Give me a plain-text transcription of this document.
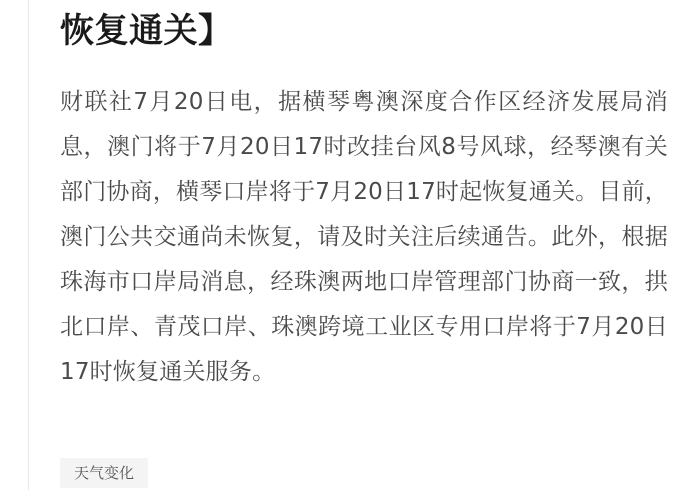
恢复通关】

财联社7月20日电，据横琴粤澳深度合作区经济发展局消息，澳门将于7月20日17时改挂台风8号风球，经琴澳有关部门协商，横琴口岸将于7月20日17时起恢复通关。目前，澳门公共交通尚未恢复，请及时关注后续通告。此外，根据珠海市口岸局消息，经珠澳两地口岸管理部门协商一致，拱北口岸、青茂口岸、珠澳跨境工业区专用口岸将于7月20日17时恢复通关服务。

天气变化
